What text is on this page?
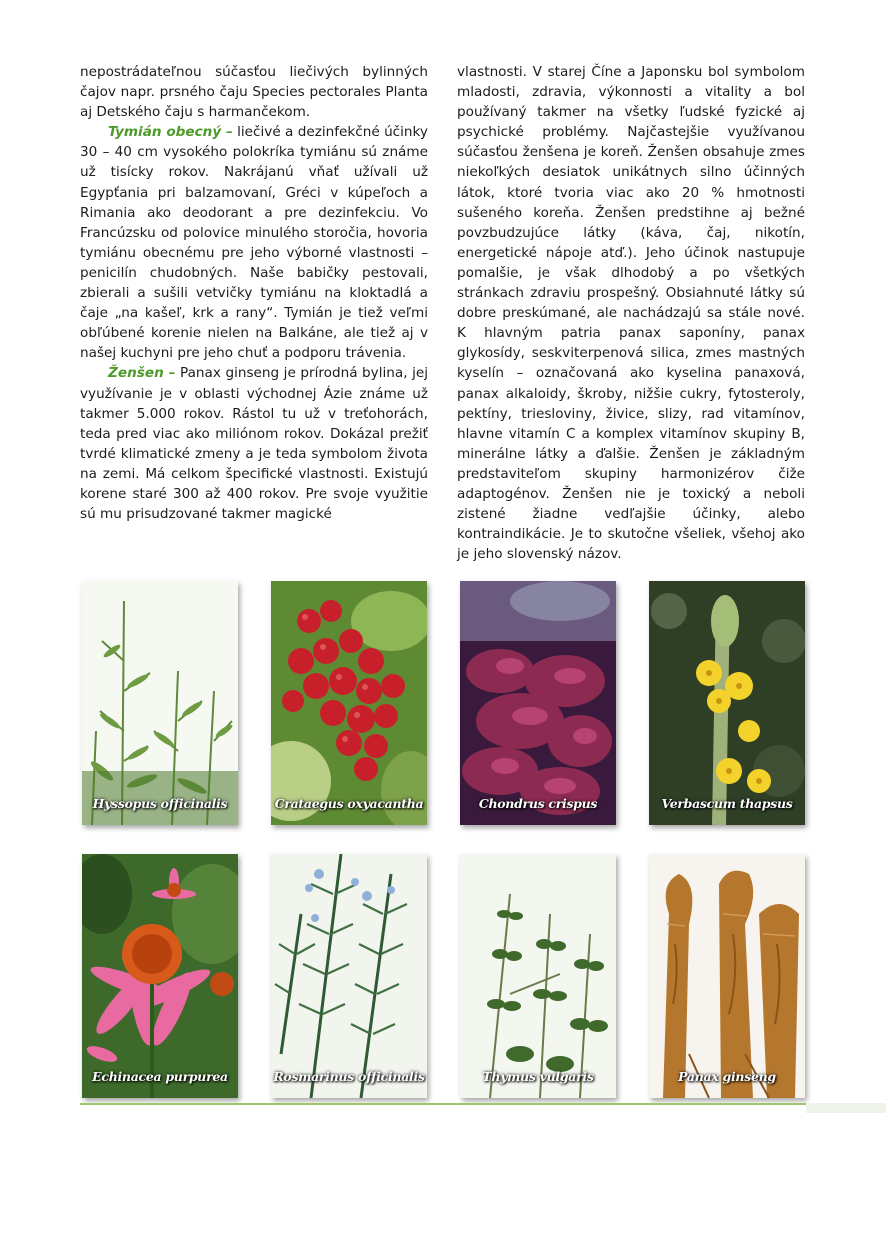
nepostrádateľnou súčasťou liečivých bylinných čajov napr. prsného čaju Species pectorales Planta aj Detského čaju s harmančekom.

Tymián obecný – liečivé a dezinfekčné účinky 30 – 40 cm vysokého polokríka tymiánu sú známe už tisícky rokov. Nakrájanú vňať užívali už Egypťania pri balzamovaní, Gréci v kúpeľoch a Rimania ako deodorant a pre dezinfekciu. Vo Francúzsku od polovice minulého storočia, hovoria tymiánu obecnému pre jeho výborné vlastnosti – penicilín chudobných. Naše babičky pestovali, zbierali a sušili vetvičky tymiánu na kloktadlá a čaje „na kašeľ, krk a rany“. Tymián je tiež veľmi obľúbené korenie nielen na Balkáne, ale tiež aj v našej kuchyni pre jeho chuť a podporu trávenia.

Ženšen – Panax ginseng je prírodná bylina, jej využívanie je v oblasti východnej Ázie známe už takmer 5.000 rokov. Rástol tu už v treťohorách, teda pred viac ako miliónom rokov. Dokázal prežiť tvrdé klimatické zmeny a je teda symbolom života na zemi. Má celkom špecifické vlastnosti. Existujú korene staré 300 až 400 rokov. Pre svoje využitie sú mu prisudzované takmer magické

vlastnosti. V starej Číne a Japonsku bol symbolom mladosti, zdravia, výkonnosti a vitality a bol používaný takmer na všetky ľudské fyzické aj psychické problémy. Najčastejšie využívanou súčasťou ženšena je koreň. Ženšen obsahuje zmes niekoľkých desiatok unikátnych silno účinných látok, ktoré tvoria viac ako 20 % hmotnosti sušeného koreňa. Ženšen predstihne aj bežné povzbudzujúce látky (káva, čaj, nikotín, energetické nápoje atď.). Jeho účinok nastupuje pomalšie, je však dlhodobý a po všetkých stránkach zdraviu prospešný. Obsiahnuté látky sú dobre preskúmané, ale nachádzajú sa stále nové. K hlavným patria panax saponíny, panax glykosídy, seskviterpenová silica, zmes mastných kyselín – označovaná ako kyselina panaxová, panax alkaloidy, škroby, nižšie cukry, fytosteroly, pektíny, triesloviny, živice, slizy, rad vitamínov, hlavne vitamín C a komplex vitamínov skupiny B, minerálne látky a ďalšie. Ženšen je základným predstaviteľom skupiny harmonizérov čiže adaptogénov. Ženšen nie je toxický a neboli zistené žiadne vedľajšie účinky, alebo kontraindikácie. Je to skutočne všeliek, všehoj ako je jeho slovenský názov.

Hyssopus officinalis	Crataegus oxyacantha	Chondrus crispus	Verbascum thapsus
Echinacea purpurea	Rosmarinus officinalis	Thymus vulgaris	Panax ginseng
